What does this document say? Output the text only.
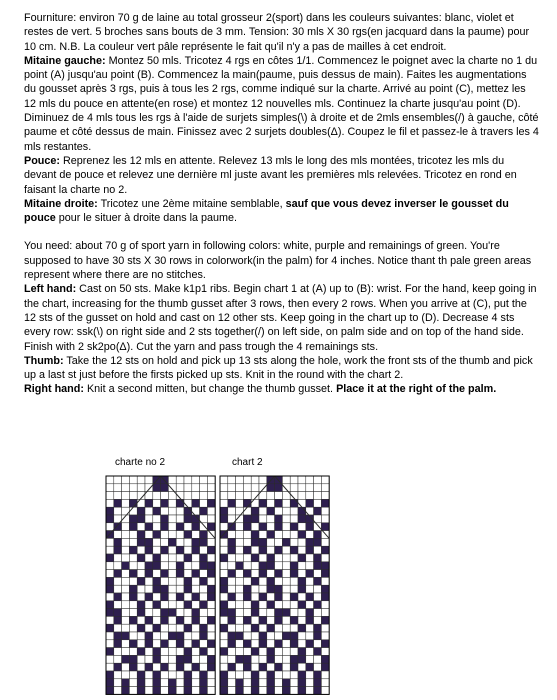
Fourniture: environ 70 g de laine au total grosseur 2(sport) dans les couleurs suivantes: blanc, violet et restes de vert. 5 broches sans bouts de 3 mm. Tension: 30 mls X 30 rgs(en jacquard dans la paume) pour 10 cm. N.B. La couleur vert pâle représente le fait qu'il n'y a pas de mailles à cet endroit.

Mitaine gauche: Montez 50 mls. Tricotez 4 rgs en côtes 1/1. Commencez le poignet avec la charte no 1 du point (A) jusqu'au point (B). Commencez la main(paume, puis dessus de main). Faites les augmentations du gousset après 3 rgs, puis à tous les 2 rgs, comme indiqué sur la charte. Arrivé au point (C), mettez les 12 mls du pouce en attente(en rose) et montez 12 nouvelles mls. Continuez la charte jusqu'au point (D). Diminuez de 4 mls tous les rgs à l'aide de surjets simples(\) à droite et de 2mls ensembles(/) à gauche, côté paume et côté dessus de main. Finissez avec 2 surjets doubles(Δ). Coupez le fil et passez-le à travers les 4 mls restantes.

Pouce: Reprenez les 12 mls en attente. Relevez 13 mls le long des mls montées, tricotez les mls du devant de pouce et relevez une dernière ml juste avant les premières mls relevées. Tricotez en rond en faisant la charte no 2.

Mitaine droite: Tricotez une 2ème mitaine semblable, sauf que vous devez inverser le gousset du pouce pour le situer à droite dans la paume.

You need: about 70 g of sport yarn in following colors: white, purple and remainings of green. You're supposed to have 30 sts X 30 rows in colorwork(in the palm) for 4 inches. Notice thant th pale green areas represent where there are no stitches.

Left hand: Cast on 50 sts. Make k1p1 ribs. Begin chart 1 at (A) up to (B): wrist. For the hand, keep going in the chart, increasing for the thumb gusset after 3 rows, then every 2 rows. When you arrive at (C), put the 12 sts of the gusset on hold and cast on 12 other sts. Keep going in the chart up to (D). Decrease 4 sts every row: ssk(\) on right side and 2 sts together(/) on left side, on palm side and on top of the hand side. Finish with 2 sk2po(Δ). Cut the yarn and pass trough the 4 remainings sts.

Thumb: Take the 12 sts on hold and pick up 13 sts along the hole, work the front sts of the thumb and pick up a last st just before the firsts picked up sts. Knit in the round with the chart 2.

Right hand: Knit a second mitten, but change the thumb gusset. Place it at the right of the palm.

charte no 2	chart 2
